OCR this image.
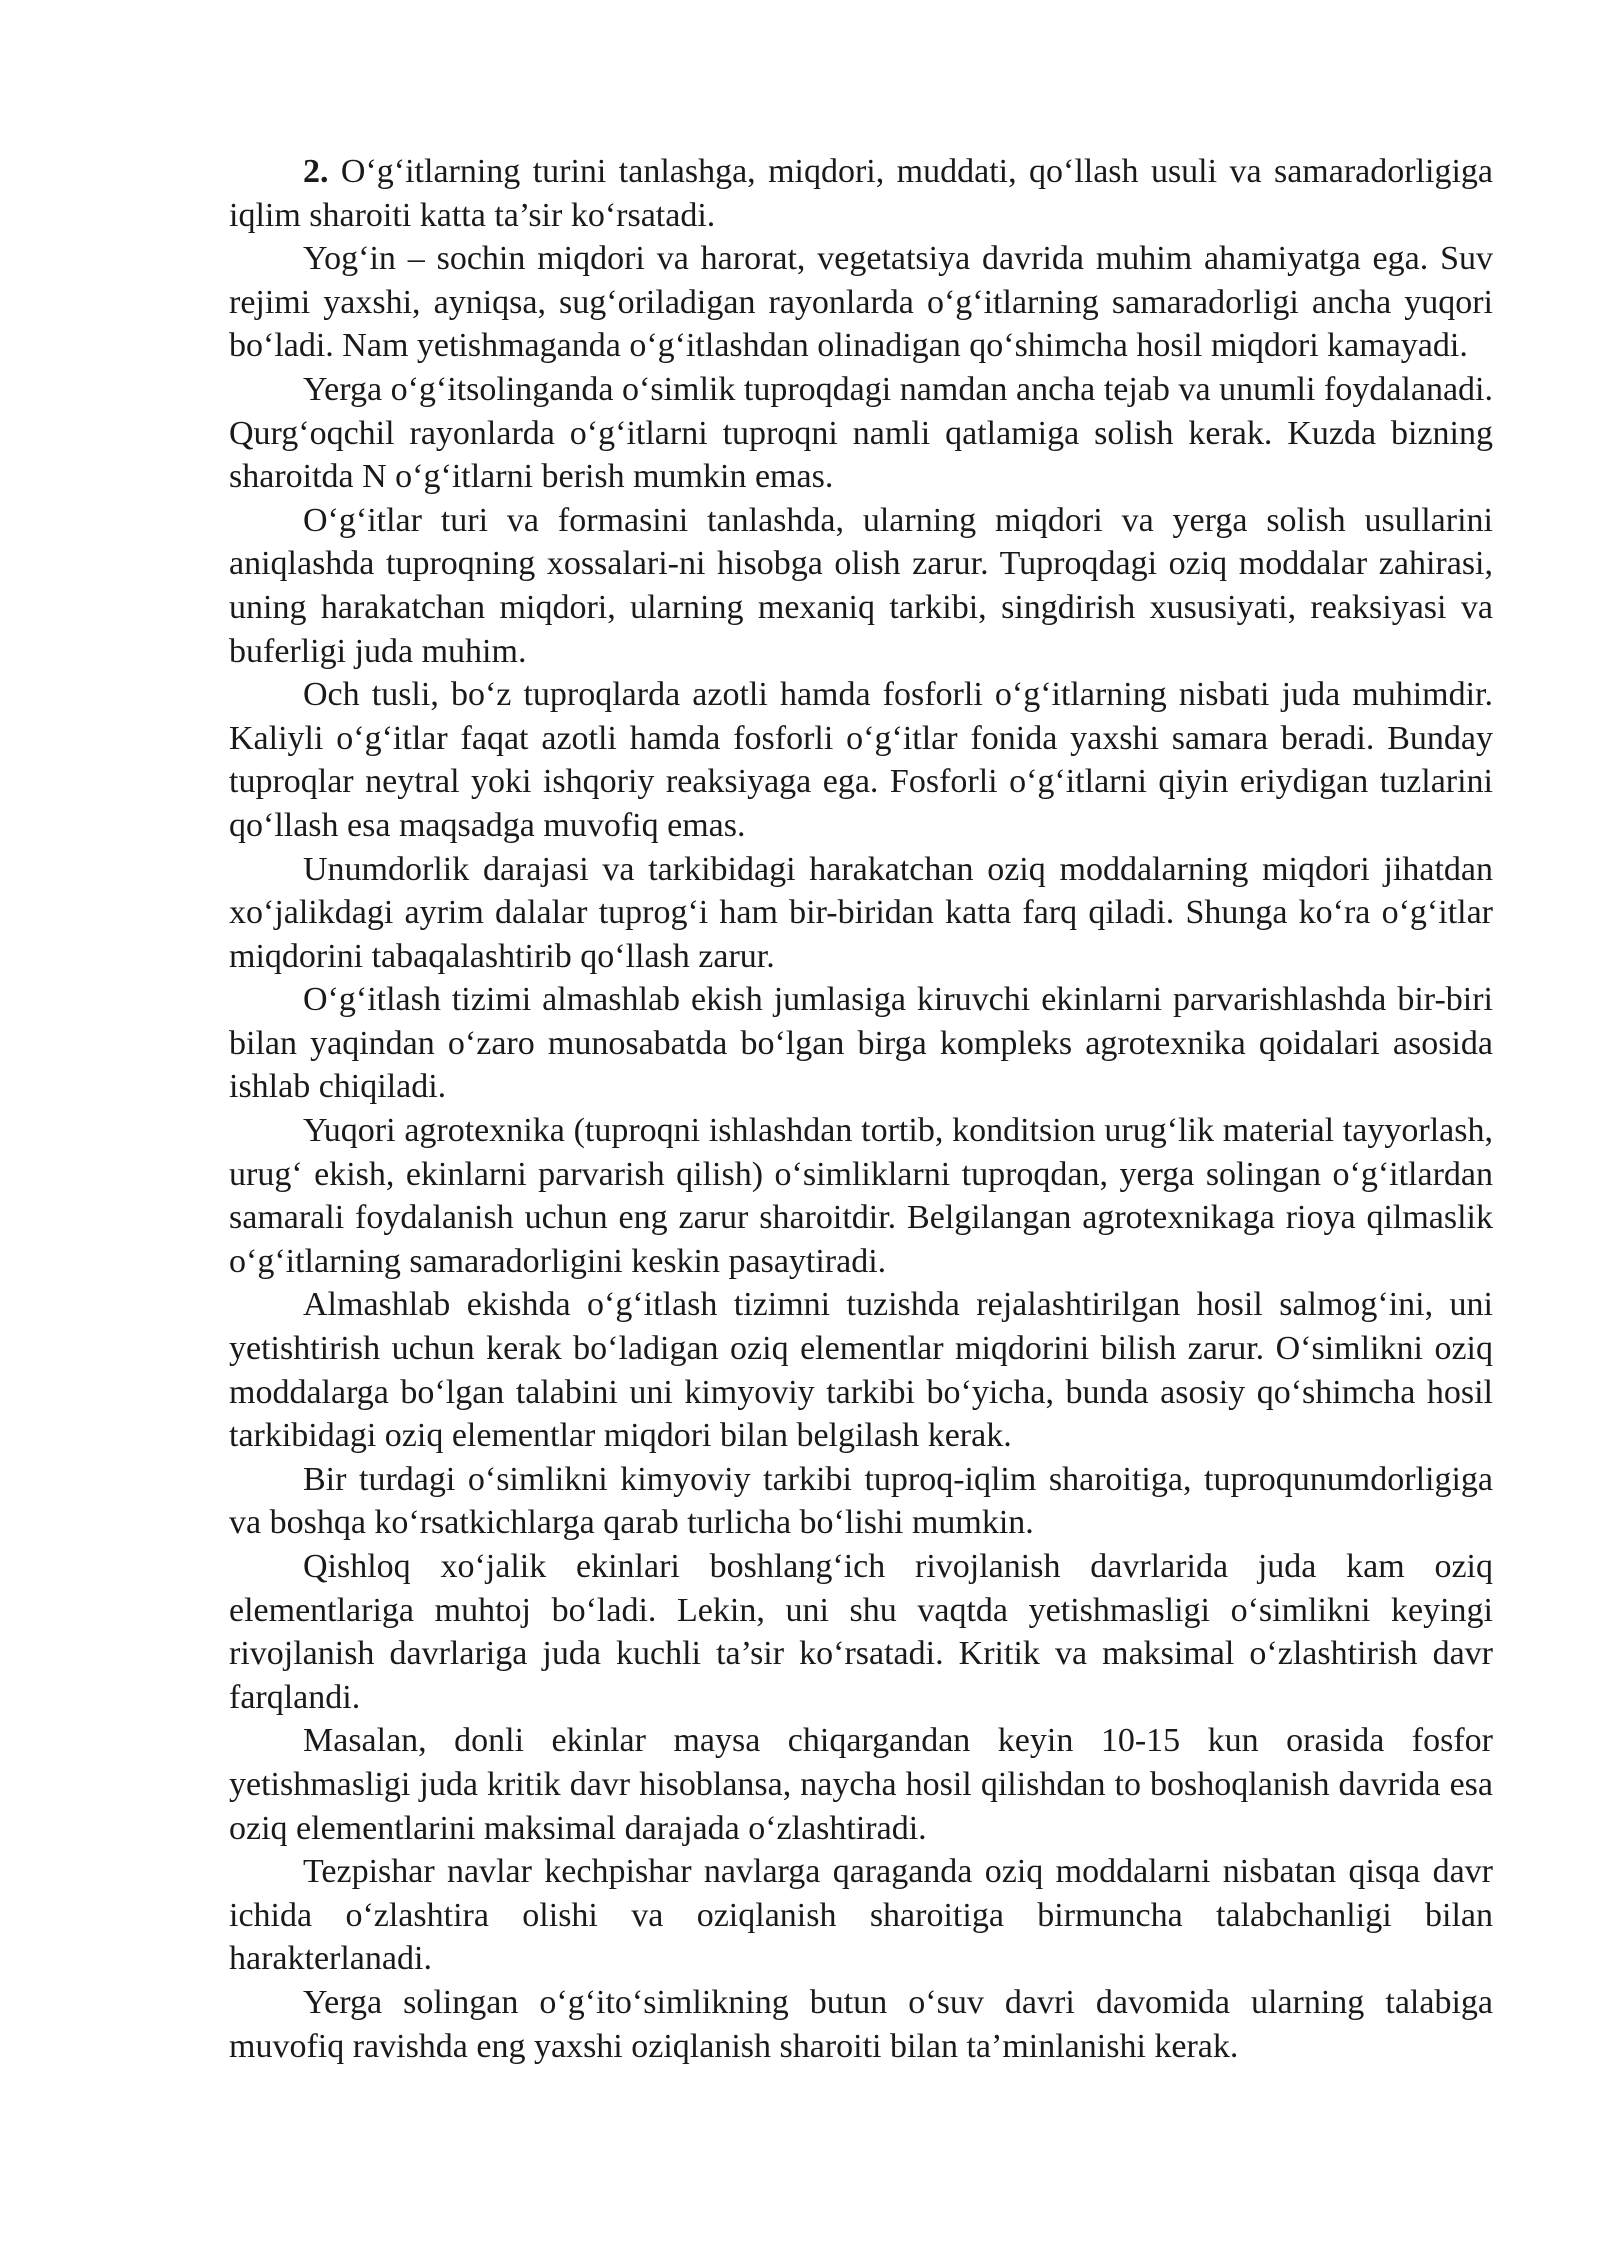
2. O‘g‘itlarning turini tanlashga, miqdori, muddati, qo‘llash usuli va samaradorligiga iqlim sharoiti katta ta’sir ko‘rsatadi.

Yog‘in – sochin miqdori va harorat, vegetatsiya davrida muhim ahamiyatga ega. Suv rejimi yaxshi, ayniqsa, sug‘oriladigan rayonlarda o‘g‘itlarning samaradorligi ancha yuqori bo‘ladi. Nam yetishmaganda o‘g‘itlashdan olinadigan qo‘shimcha hosil miqdori kamayadi.

Yerga o‘g‘itsolinganda o‘simlik tuproqdagi namdan ancha tejab va unumli foydalanadi. Qurg‘oqchil rayonlarda o‘g‘itlarni tuproqni namli qatlamiga solish kerak. Kuzda bizning sharoitda N o‘g‘itlarni berish mumkin emas.

O‘g‘itlar turi va formasini tanlashda, ularning miqdori va yerga solish usullarini aniqlashda tuproqning xossalari-ni hisobga olish zarur. Tuproqdagi oziq moddalar zahirasi, uning harakatchan miqdori, ularning mexaniq tarkibi, singdirish xususiyati, reaksiyasi va buferligi juda muhim.

Och tusli, bo‘z tuproqlarda azotli hamda fosforli o‘g‘itlarning nisbati juda muhimdir. Kaliyli o‘g‘itlar faqat azotli hamda fosforli o‘g‘itlar fonida yaxshi samara beradi. Bunday tuproqlar neytral yoki ishqoriy reaksiyaga ega. Fosforli o‘g‘itlarni qiyin eriydigan tuzlarini qo‘llash esa maqsadga muvofiq emas.

Unumdorlik darajasi va tarkibidagi harakatchan oziq moddalarning miqdori jihatdan xo‘jalikdagi ayrim dalalar tuprog‘i ham bir-biridan katta farq qiladi. Shunga ko‘ra o‘g‘itlar miqdorini tabaqalashtirib qo‘llash zarur.

O‘g‘itlash tizimi almashlab ekish jumlasiga kiruvchi ekinlarni parvarishlashda bir-biri bilan yaqindan o‘zaro munosabatda bo‘lgan birga kompleks agrotexnika qoidalari asosida ishlab chiqiladi.

Yuqori agrotexnika (tuproqni ishlashdan tortib, konditsion urug‘lik material tayyorlash, urug‘ ekish, ekinlarni parvarish qilish) o‘simliklarni tuproqdan, yerga solingan o‘g‘itlardan samarali foydalanish uchun eng zarur sharoitdir. Belgilangan agrotexnikaga rioya qilmaslik o‘g‘itlarning samaradorligini keskin pasaytiradi.

Almashlab ekishda o‘g‘itlash tizimni tuzishda rejalashtirilgan hosil salmog‘ini, uni yetishtirish uchun kerak bo‘ladigan oziq elementlar miqdorini bilish zarur. O‘simlikni oziq moddalarga bo‘lgan talabini uni kimyoviy tarkibi bo‘yicha, bunda asosiy qo‘shimcha hosil tarkibidagi oziq elementlar miqdori bilan belgilash kerak.

Bir turdagi o‘simlikni kimyoviy tarkibi tuproq-iqlim sharoitiga, tuproqunumdorligiga va boshqa ko‘rsatkichlarga qarab turlicha bo‘lishi mumkin.

Qishloq xo‘jalik ekinlari boshlang‘ich rivojlanish davrlarida juda kam oziq elementlariga muhtoj bo‘ladi. Lekin, uni shu vaqtda yetishmasligi o‘simlikni keyingi rivojlanish davrlariga juda kuchli ta’sir ko‘rsatadi. Kritik va maksimal o‘zlashtirish davr farqlandi.

Masalan, donli ekinlar maysa chiqargandan keyin 10-15 kun orasida fosfor yetishmasligi juda kritik davr hisoblansa, naycha hosil qilishdan to boshoqlanish davrida esa oziq elementlarini maksimal darajada o‘zlashtiradi.

Tezpishar navlar kechpishar navlarga qaraganda oziq moddalarni nisbatan qisqa davr ichida o‘zlashtira olishi va oziqlanish sharoitiga birmuncha talabchanligi bilan harakterlanadi.

Yerga solingan o‘g‘ito‘simlikning butun o‘suv davri davomida ularning talabiga muvofiq ravishda eng yaxshi oziqlanish sharoiti bilan ta’minlanishi kerak.
